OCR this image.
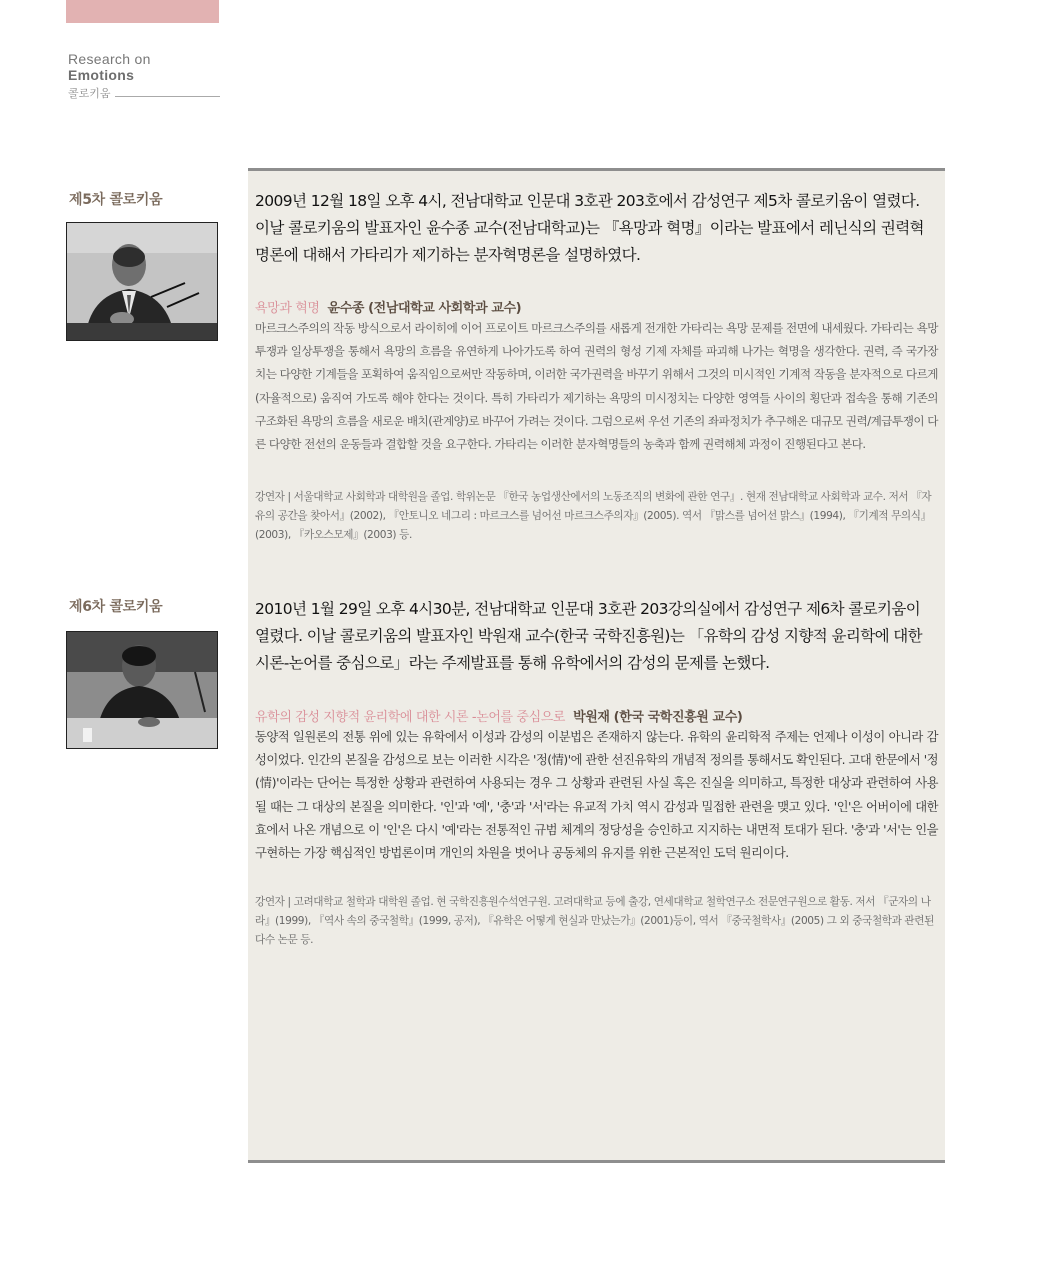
Research on Emotions
콜로키움
제5차 콜로키움
제6차 콜로키움

2009년 12월 18일 오후 4시, 전남대학교 인문대 3호관 203호에서 감성연구 제5차 콜로키움이 열렸다. 이날 콜로키움의 발표자인 윤수종 교수(전남대학교)는 『욕망과 혁명』이라는 발표에서 레닌식의 권력혁명론에 대해서 가타리가 제기하는 분자혁명론을 설명하였다.

욕망과 혁명 윤수종 (전남대학교 사회학과 교수)

마르크스주의의 작동 방식으로서 라이히에 이어 프로이트 마르크스주의를 새롭게 전개한 가타리는 욕망 문제를 전면에 내세웠다. 가타리는 욕망투쟁과 일상투쟁을 통해서 욕망의 흐름을 유연하게 나아가도록 하여 권력의 형성 기제 자체를 파괴해 나가는 혁명을 생각한다. 권력, 즉 국가장치는 다양한 기계들을 포획하여 움직임으로써만 작동하며, 이러한 국가권력을 바꾸기 위해서 그것의 미시적인 기계적 작동을 분자적으로 다르게(자율적으로) 움직여 가도록 해야 한다는 것이다. 특히 가타리가 제기하는 욕망의 미시정치는 다양한 영역들 사이의 횡단과 접속을 통해 기존의 구조화된 욕망의 흐름을 새로운 배치(관계양)로 바꾸어 가려는 것이다. 그럼으로써 우선 기존의 좌파정치가 추구해온 대규모 권력/계급투쟁이 다른 다양한 전선의 운동들과 결합할 것을 요구한다. 가타리는 이러한 분자혁명들의 농축과 함께 권력해체 과정이 진행된다고 본다.

강연자 | 서울대학교 사회학과 대학원을 졸업. 학위논문 『한국 농업생산에서의 노동조직의 변화에 관한 연구』. 현재 전남대학교 사회학과 교수. 저서 『자유의 공간을 찾아서』(2002), 『안토니오 네그리 : 마르크스를 넘어선 마르크스주의자』(2005). 역서 『맑스를 넘어선 맑스』(1994), 『기계적 무의식』(2003), 『카오스모제』(2003) 등.

2010년 1월 29일 오후 4시30분, 전남대학교 인문대 3호관 203강의실에서 감성연구 제6차 콜로키움이 열렸다. 이날 콜로키움의 발표자인 박원재 교수(한국 국학진흥원)는 「유학의 감성 지향적 윤리학에 대한 시론-논어를 중심으로」라는 주제발표를 통해 유학에서의 감성의 문제를 논했다.

유학의 감성 지향적 윤리학에 대한 시론 -논어를 중심으로 박원재 (한국 국학진흥원 교수)

동양적 일원론의 전통 위에 있는 유학에서 이성과 감성의 이분법은 존재하지 않는다. 유학의 윤리학적 주제는 언제나 이성이 아니라 감성이었다. 인간의 본질을 감성으로 보는 이러한 시각은 '정(情)'에 관한 선진유학의 개념적 정의를 통해서도 확인된다. 고대 한문에서 '정(情)'이라는 단어는 특정한 상황과 관련하여 사용되는 경우 그 상황과 관련된 사실 혹은 진실을 의미하고, 특정한 대상과 관련하여 사용될 때는 그 대상의 본질을 의미한다. '인'과 '예', '충'과 '서'라는 유교적 가치 역시 감성과 밀접한 관련을 맺고 있다. '인'은 어버이에 대한 효에서 나온 개념으로 이 '인'은 다시 '예'라는 전통적인 규범 체계의 정당성을 승인하고 지지하는 내면적 토대가 된다. '충'과 '서'는 인을 구현하는 가장 핵심적인 방법론이며 개인의 차원을 벗어나 공동체의 유지를 위한 근본적인 도덕 원리이다.

강연자 | 고려대학교 철학과 대학원 졸업. 현 국학진흥원수석연구원. 고려대학교 등에 출강, 연세대학교 철학연구소 전문연구원으로 활동. 저서 『군자의 나라』(1999), 『역사 속의 중국철학』(1999, 공저), 『유학은 어떻게 현실과 만났는가』(2001)등이, 역서 『중국철학사』(2005) 그 외 중국철학과 관련된 다수 논문 등.
